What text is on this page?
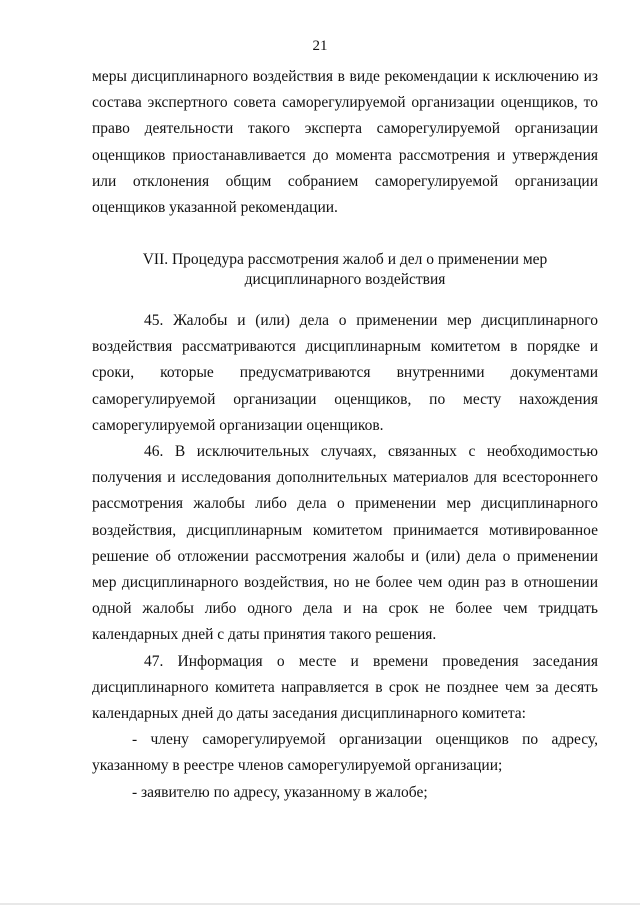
21

меры дисциплинарного воздействия в виде рекомендации к исключению из состава экспертного совета саморегулируемой организации оценщиков, то право деятельности такого эксперта саморегулируемой организации оценщиков приостанавливается до момента рассмотрения и утверждения или отклонения общим собранием саморегулируемой организации оценщиков указанной рекомендации.

VII. Процедура рассмотрения жалоб и дел о применении мер
дисциплинарного воздействия

45. Жалобы и (или) дела о применении мер дисциплинарного воздействия рассматриваются дисциплинарным комитетом в порядке и сроки, которые предусматриваются внутренними документами саморегулируемой организации оценщиков, по месту нахождения саморегулируемой организации оценщиков.

46. В исключительных случаях, связанных с необходимостью получения и исследования дополнительных материалов для всестороннего рассмотрения жалобы либо дела о применении мер дисциплинарного воздействия, дисциплинарным комитетом принимается мотивированное решение об отложении рассмотрения жалобы и (или) дела о применении мер дисциплинарного воздействия, но не более чем один раз в отношении одной жалобы либо одного дела и на срок не более чем тридцать календарных дней с даты принятия такого решения.

47. Информация о месте и времени проведения заседания дисциплинарного комитета направляется в срок не позднее чем за десять календарных дней до даты заседания дисциплинарного комитета:

- члену саморегулируемой организации оценщиков по адресу, указанному в реестре членов саморегулируемой организации;

- заявителю по адресу, указанному в жалобе;
